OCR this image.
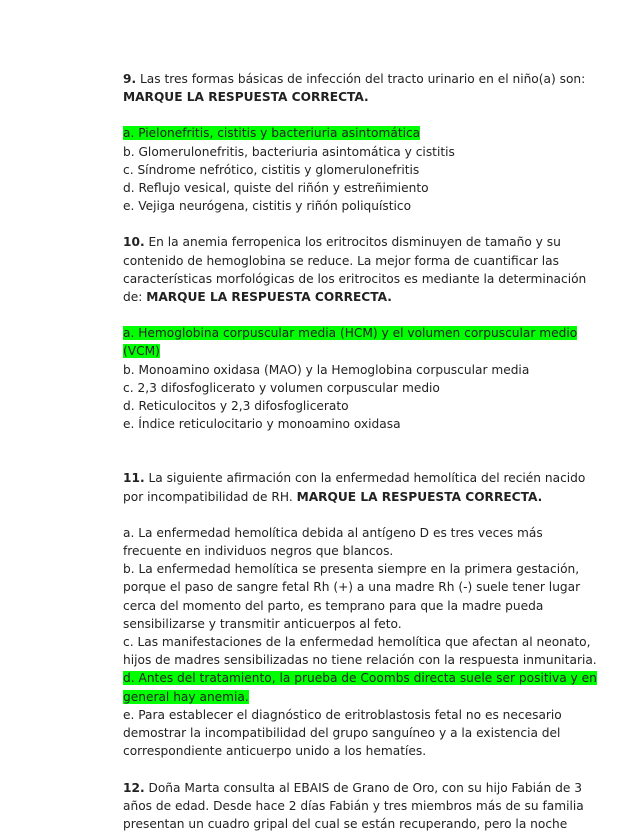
9. Las tres formas básicas de infección del tracto urinario en el niño(a) son:
MARQUE LA RESPUESTA CORRECTA.
a. Pielonefritis, cistitis y bacteriuria asintomática
b. Glomerulonefritis, bacteriuria asintomática y cistitis
c. Síndrome nefrótico, cistitis y glomerulonefritis
d. Reflujo vesical, quiste del riñón y estreñimiento
e. Vejiga neurógena, cistitis y riñón poliquístico
10. En la anemia ferropenica los eritrocitos disminuyen de tamaño y su
contenido de hemoglobina se reduce. La mejor forma de cuantificar las
características morfológicas de los eritrocitos es mediante la determinación
de: MARQUE LA RESPUESTA CORRECTA.
a. Hemoglobina corpuscular media (HCM) y el volumen corpuscular medio
(VCM)
b. Monoamino oxidasa (MAO) y la Hemoglobina corpuscular media
c. 2,3 difosfoglicerato y volumen corpuscular medio
d. Reticulocitos y 2,3 difosfoglicerato
e. Índice reticulocitario y monoamino oxidasa
11. La siguiente afirmación con la enfermedad hemolítica del recién nacido
por incompatibilidad de RH. MARQUE LA RESPUESTA CORRECTA.
a. La enfermedad hemolítica debida al antígeno D es tres veces más
frecuente en individuos negros que blancos.
b. La enfermedad hemolítica se presenta siempre en la primera gestación,
porque el paso de sangre fetal Rh (+) a una madre Rh (-) suele tener lugar
cerca del momento del parto, es temprano para que la madre pueda
sensibilizarse y transmitir anticuerpos al feto.
c. Las manifestaciones de la enfermedad hemolítica que afectan al neonato,
hijos de madres sensibilizadas no tiene relación con la respuesta inmunitaria.
d. Antes del tratamiento, la prueba de Coombs directa suele ser positiva y en
general hay anemia.
e. Para establecer el diagnóstico de eritroblastosis fetal no es necesario
demostrar la incompatibilidad del grupo sanguíneo y a la existencia del
correspondiente anticuerpo unido a los hematíes.
12. Doña Marta consulta al EBAIS de Grano de Oro, con su hijo Fabián de 3
años de edad. Desde hace 2 días Fabián y tres miembros más de su familia
presentan un cuadro gripal del cual se están recuperando, pero la noche
